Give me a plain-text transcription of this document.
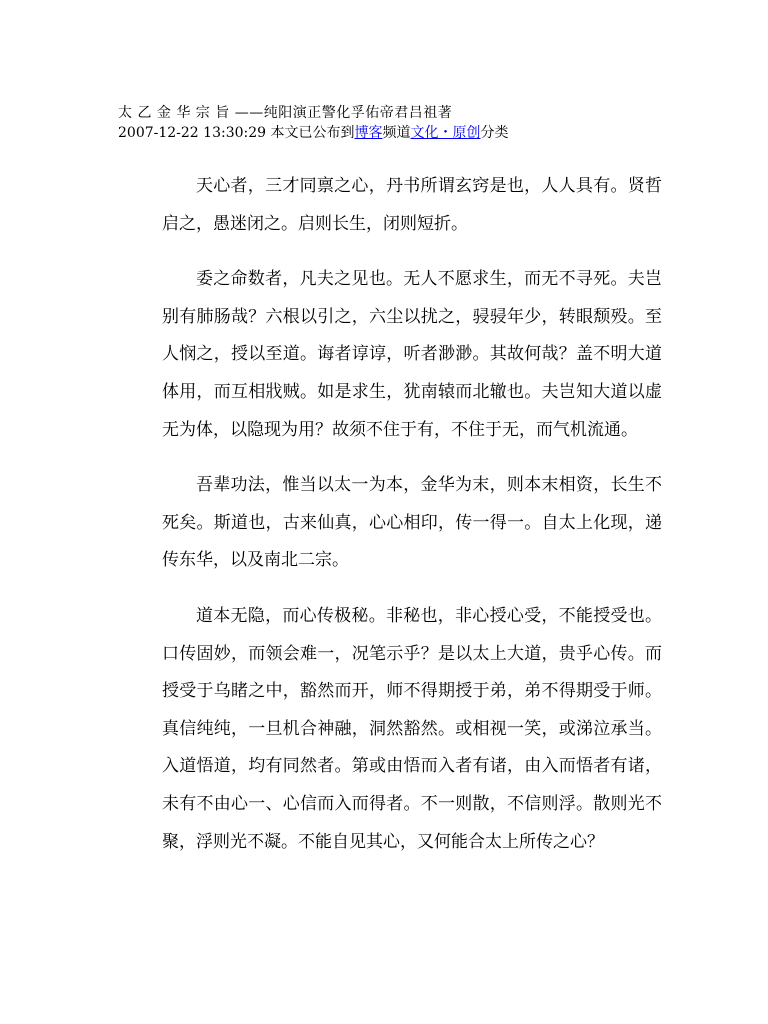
太 乙 金 华 宗 旨 ——纯阳演正警化孚佑帝君吕祖著
2007-12-22 13:30:29 本文已公布到博客频道文化・原创分类

天心者，三才同禀之心，丹书所谓玄窍是也，人人具有。贤哲启之，愚迷闭之。启则长生，闭则短折。

委之命数者，凡夫之见也。无人不愿求生，而无不寻死。夫岂别有肺肠哉？六根以引之，六尘以扰之，骎骎年少，转眼颓殁。至人悯之，授以至道。诲者谆谆，听者渺渺。其故何哉？盖不明大道体用，而互相戕贼。如是求生，犹南辕而北辙也。夫岂知大道以虚无为体，以隐现为用？故须不住于有，不住于无，而气机流通。

吾辈功法，惟当以太一为本，金华为末，则本末相资，长生不死矣。斯道也，古来仙真，心心相印，传一得一。自太上化现，递传东华，以及南北二宗。

道本无隐，而心传极秘。非秘也，非心授心受，不能授受也。口传固妙，而领会难一，况笔示乎？是以太上大道，贵乎心传。而授受于乌睹之中，豁然而开，师不得期授于弟，弟不得期受于师。真信纯纯，一旦机合神融，洞然豁然。或相视一笑，或涕泣承当。入道悟道，均有同然者。第或由悟而入者有诸，由入而悟者有诸，未有不由心一、心信而入而得者。不一则散，不信则浮。散则光不聚，浮则光不凝。不能自见其心，又何能合太上所传之心？
